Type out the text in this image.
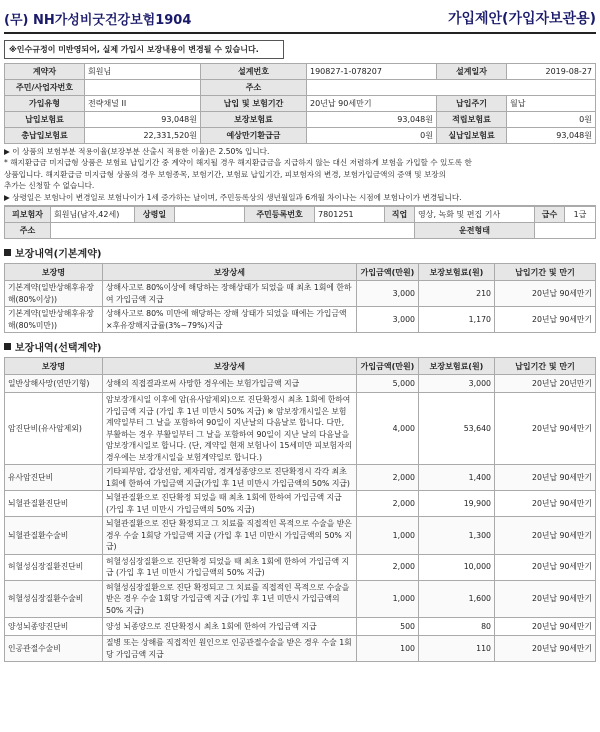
(무) NH가성비굿건강보험1904	가입제안(가입자보관용)
※인수규정이 미반영되어, 실제 가입시 보장내용이 변경될 수 있습니다.
계약자	회원님	설계번호	190827-1-078207	설계일자	2019-08-27
주민/사업자번호		주소			
가입유형	전략채널 II	납입 및 보험기간	20년납 90세만기	납입주기	월납
납입보험료	93,048원	보장보험료	93,048원	적립보험료	0원
총납입보험료	22,331,520원	예상만기환급금	0원	실납입보험료	93,048원
▶ 이 상품의 보험부분 적용이율(보장부분 산출시 적용한 이율)은 2.50% 입니다.
* 해지환급금 미지급형 상품은 보험료 납입기간 중 계약이 해지될 경우 해지환급금을 지급하지 않는 대신 저렴하게 보험을 가입할 수 있도록 한
상품입니다. 해지환급금 미지급형 상품의 경우 보험종목, 보험기간, 보험료 납입기간, 피보험자의 변경, 보험가입금액의 증액 및 보장의
추가는 신청할 수 없습니다.
▶ 상령일은 보험나이 변경일로 보험나이가 1세 증가하는 날이며, 주민등록상의 생년월일과 6개월 차이나는 시점에 보험나이가 변경됩니다.
피보험자	회원님(남자,42세)	상령일		주민등록번호	7801251	직업	영상, 녹화 및 편집 기사	급수	1급
주소							운전형태		
보장내역(기본계약)
보장명	보장상세	가입금액(만원)	보장보험료(원)	납입기간 및 만기
기본계약(일반상해후유장해(80%이상))	상해사고로 80%이상에 해당하는 장해상태가 되었을 때 최초 1회에 한하여 가입금액 지급	3,000	210	20년납 90세만기
기본계약(일반상해후유장해(80%미만))	상해사고로 80% 미만에 해당하는 장해 상태가 되었을 때에는 가입금액×후유장해지급률(3%~79%)지급	3,000	1,170	20년납 90세만기
보장내역(선택계약)
보장명	보장상세	가입금액(만원)	보장보험료(원)	납입기간 및 만기
일반상해사망(연만기형)	상해의 직접결과로써 사망한 경우에는 보험가입금액 지급	5,000	3,000	20년납 20년만기
암진단비(유사암제외)	암보장개시일 이후에 암(유사암제외)으로 진단확정시 최초 1회에 한하여 가입금액 지급 (가입 후 1년 미만시 50% 지급) ※ 암보장개시일은 보험계약일부터 그 날을 포함하여 90일이 지난날의 다음날로 합니다. 다만, 부활하는 경우 부활일부터 그 날을 포함하여 90일이 지난 날의 다음날을 암보장개시일로 합니다. (단, 계약일 현재 보험나이 15세미만 피보험자의 경우에는 보장개시일을 보험계약일로 합니다.)	4,000	53,640	20년납 90세만기
유사암진단비	기타피부암, 갑상선암, 제자리암, 경계성종양으로 진단확정시 각각 최초 1회에 한하여 가입금액 지급(가입 후 1년 미만시 가입금액의 50% 지급)	2,000	1,400	20년납 90세만기
뇌혈관질환진단비	뇌혈관질환으로 진단확정 되었을 때 최초 1회에 한하여 가입금액 지급 (가입 후 1년 미만시 가입금액의 50% 지급)	2,000	19,900	20년납 90세만기
뇌혈관질환수술비	뇌혈관질환으로 진단 확정되고 그 치료를 직접적인 목적으로 수술을 받은 경우 수술 1회당 가입금액 지급 (가입 후 1년 미만시 가입금액의 50% 지급)	1,000	1,300	20년납 90세만기
허혈성심장질환진단비	허혈성심장질환으로 진단확정 되었을 때 최초 1회에 한하여 가입금액 지급 (가입 후 1년 미만시 가입금액의 50% 지급)	2,000	10,000	20년납 90세만기
허혈성심장질환수술비	허혈성심장질환으로 진단 확정되고 그 치료를 직접적인 목적으로 수술을 받은 경우 수술 1회당 가입금액 지급 (가입 후 1년 미만시 가입금액의 50% 지급)	1,000	1,600	20년납 90세만기
양성뇌종양진단비	양성 뇌종양으로 진단확정시 최초 1회에 한하여 가입금액 지급	500	80	20년납 90세만기
인공관절수술비	질병 또는 상해를 직접적인 원인으로 인공관절수술을 받은 경우 수술 1회당 가입금액 지급	100	110	20년납 90세만기
